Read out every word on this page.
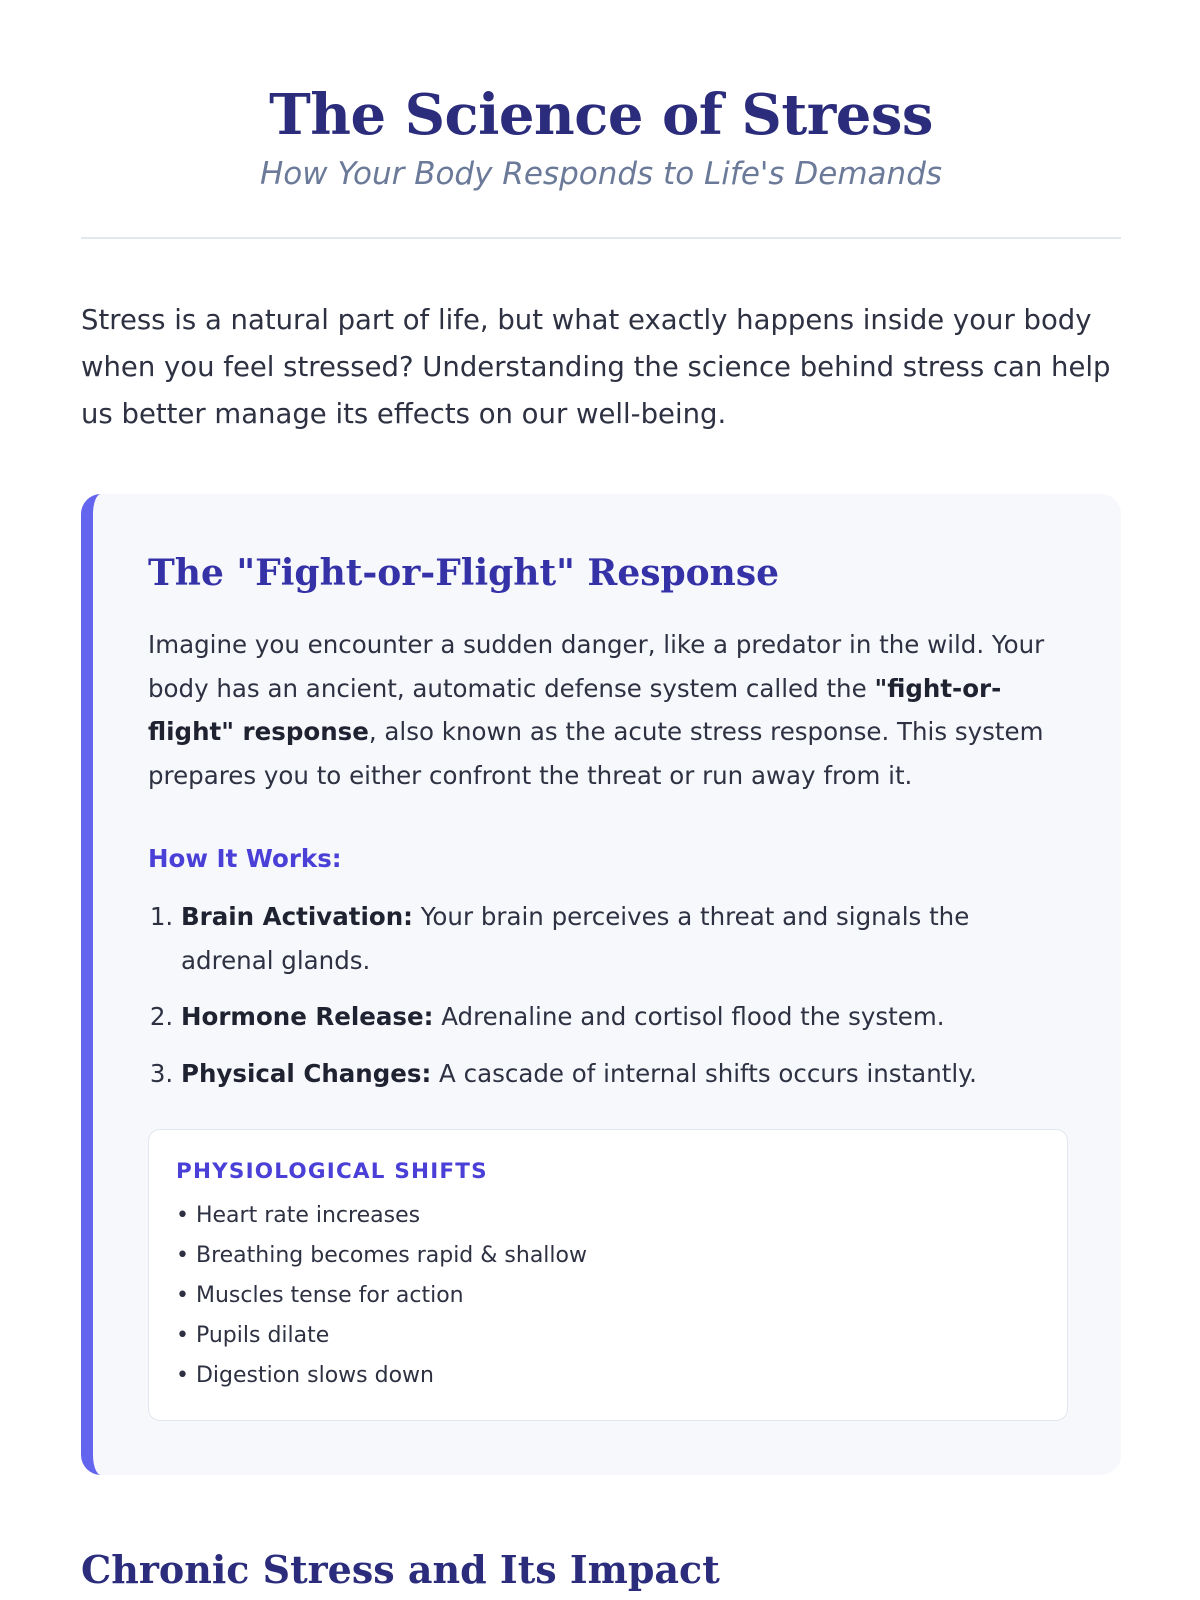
The Science of Stress

How Your Body Responds to Life's Demands

Stress is a natural part of life, but what exactly happens inside your body when you feel stressed? Understanding the science behind stress can help us better manage its effects on our well-being.

The "Fight-or-Flight" Response

Imagine you encounter a sudden danger, like a predator in the wild. Your body has an ancient, automatic defense system called the "fight-or-flight" response, also known as the acute stress response. This system prepares you to either confront the threat or run away from it.

How It Works:
1. Brain Activation: Your brain perceives a threat and signals the adrenal glands.
2. Hormone Release: Adrenaline and cortisol flood the system.
3. Physical Changes: A cascade of internal shifts occurs instantly.
PHYSIOLOGICAL SHIFTS
• Heart rate increases
• Breathing becomes rapid & shallow
• Muscles tense for action
• Pupils dilate
• Digestion slows down
Chronic Stress and Its Impact
